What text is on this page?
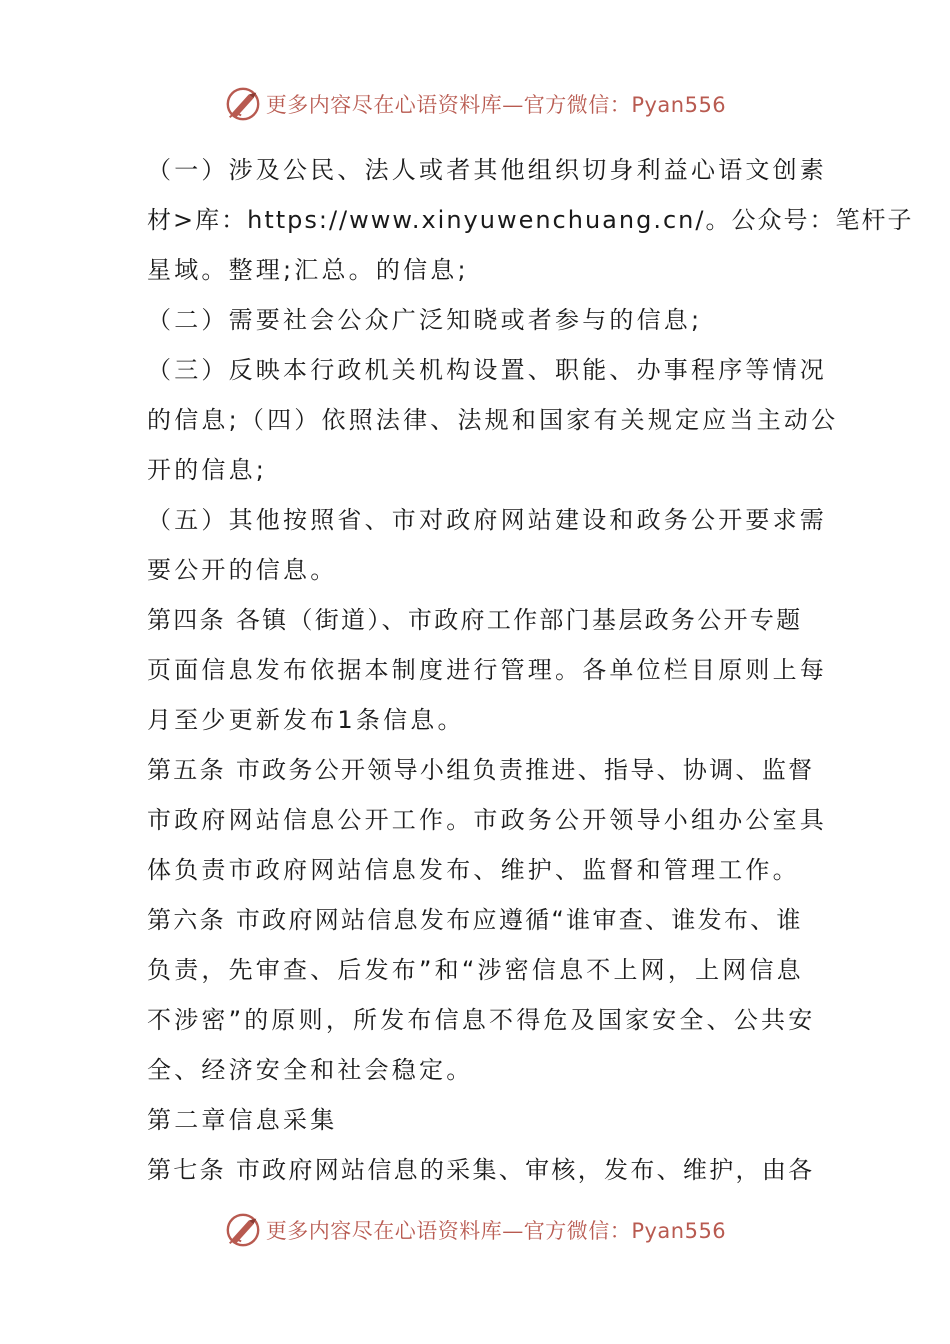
更多内容尽在心语资料库—官方微信：Pyan556
（一）涉及公民、法人或者其他组织切身利益心语文创素
材>库：https://www.xinyuwenchuang.cn/。公众号：笔杆子
星域。整理;汇总。的信息;
（二）需要社会公众广泛知晓或者参与的信息;
（三）反映本行政机关机构设置、职能、办事程序等情况
的信息;（四）依照法律、法规和国家有关规定应当主动公
开的信息;
（五）其他按照省、市对政府网站建设和政务公开要求需
要公开的信息。
第四条 各镇（街道）、市政府工作部门基层政务公开专题
页面信息发布依据本制度进行管理。各单位栏目原则上每
月至少更新发布1条信息。
第五条 市政务公开领导小组负责推进、指导、协调、监督
市政府网站信息公开工作。市政务公开领导小组办公室具
体负责市政府网站信息发布、维护、监督和管理工作。
第六条 市政府网站信息发布应遵循“谁审查、谁发布、谁
负责，先审查、后发布”和“涉密信息不上网，上网信息
不涉密”的原则，所发布信息不得危及国家安全、公共安
全、经济安全和社会稳定。
第二章信息采集
第七条 市政府网站信息的采集、审核，发布、维护，由各
更多内容尽在心语资料库—官方微信：Pyan556
